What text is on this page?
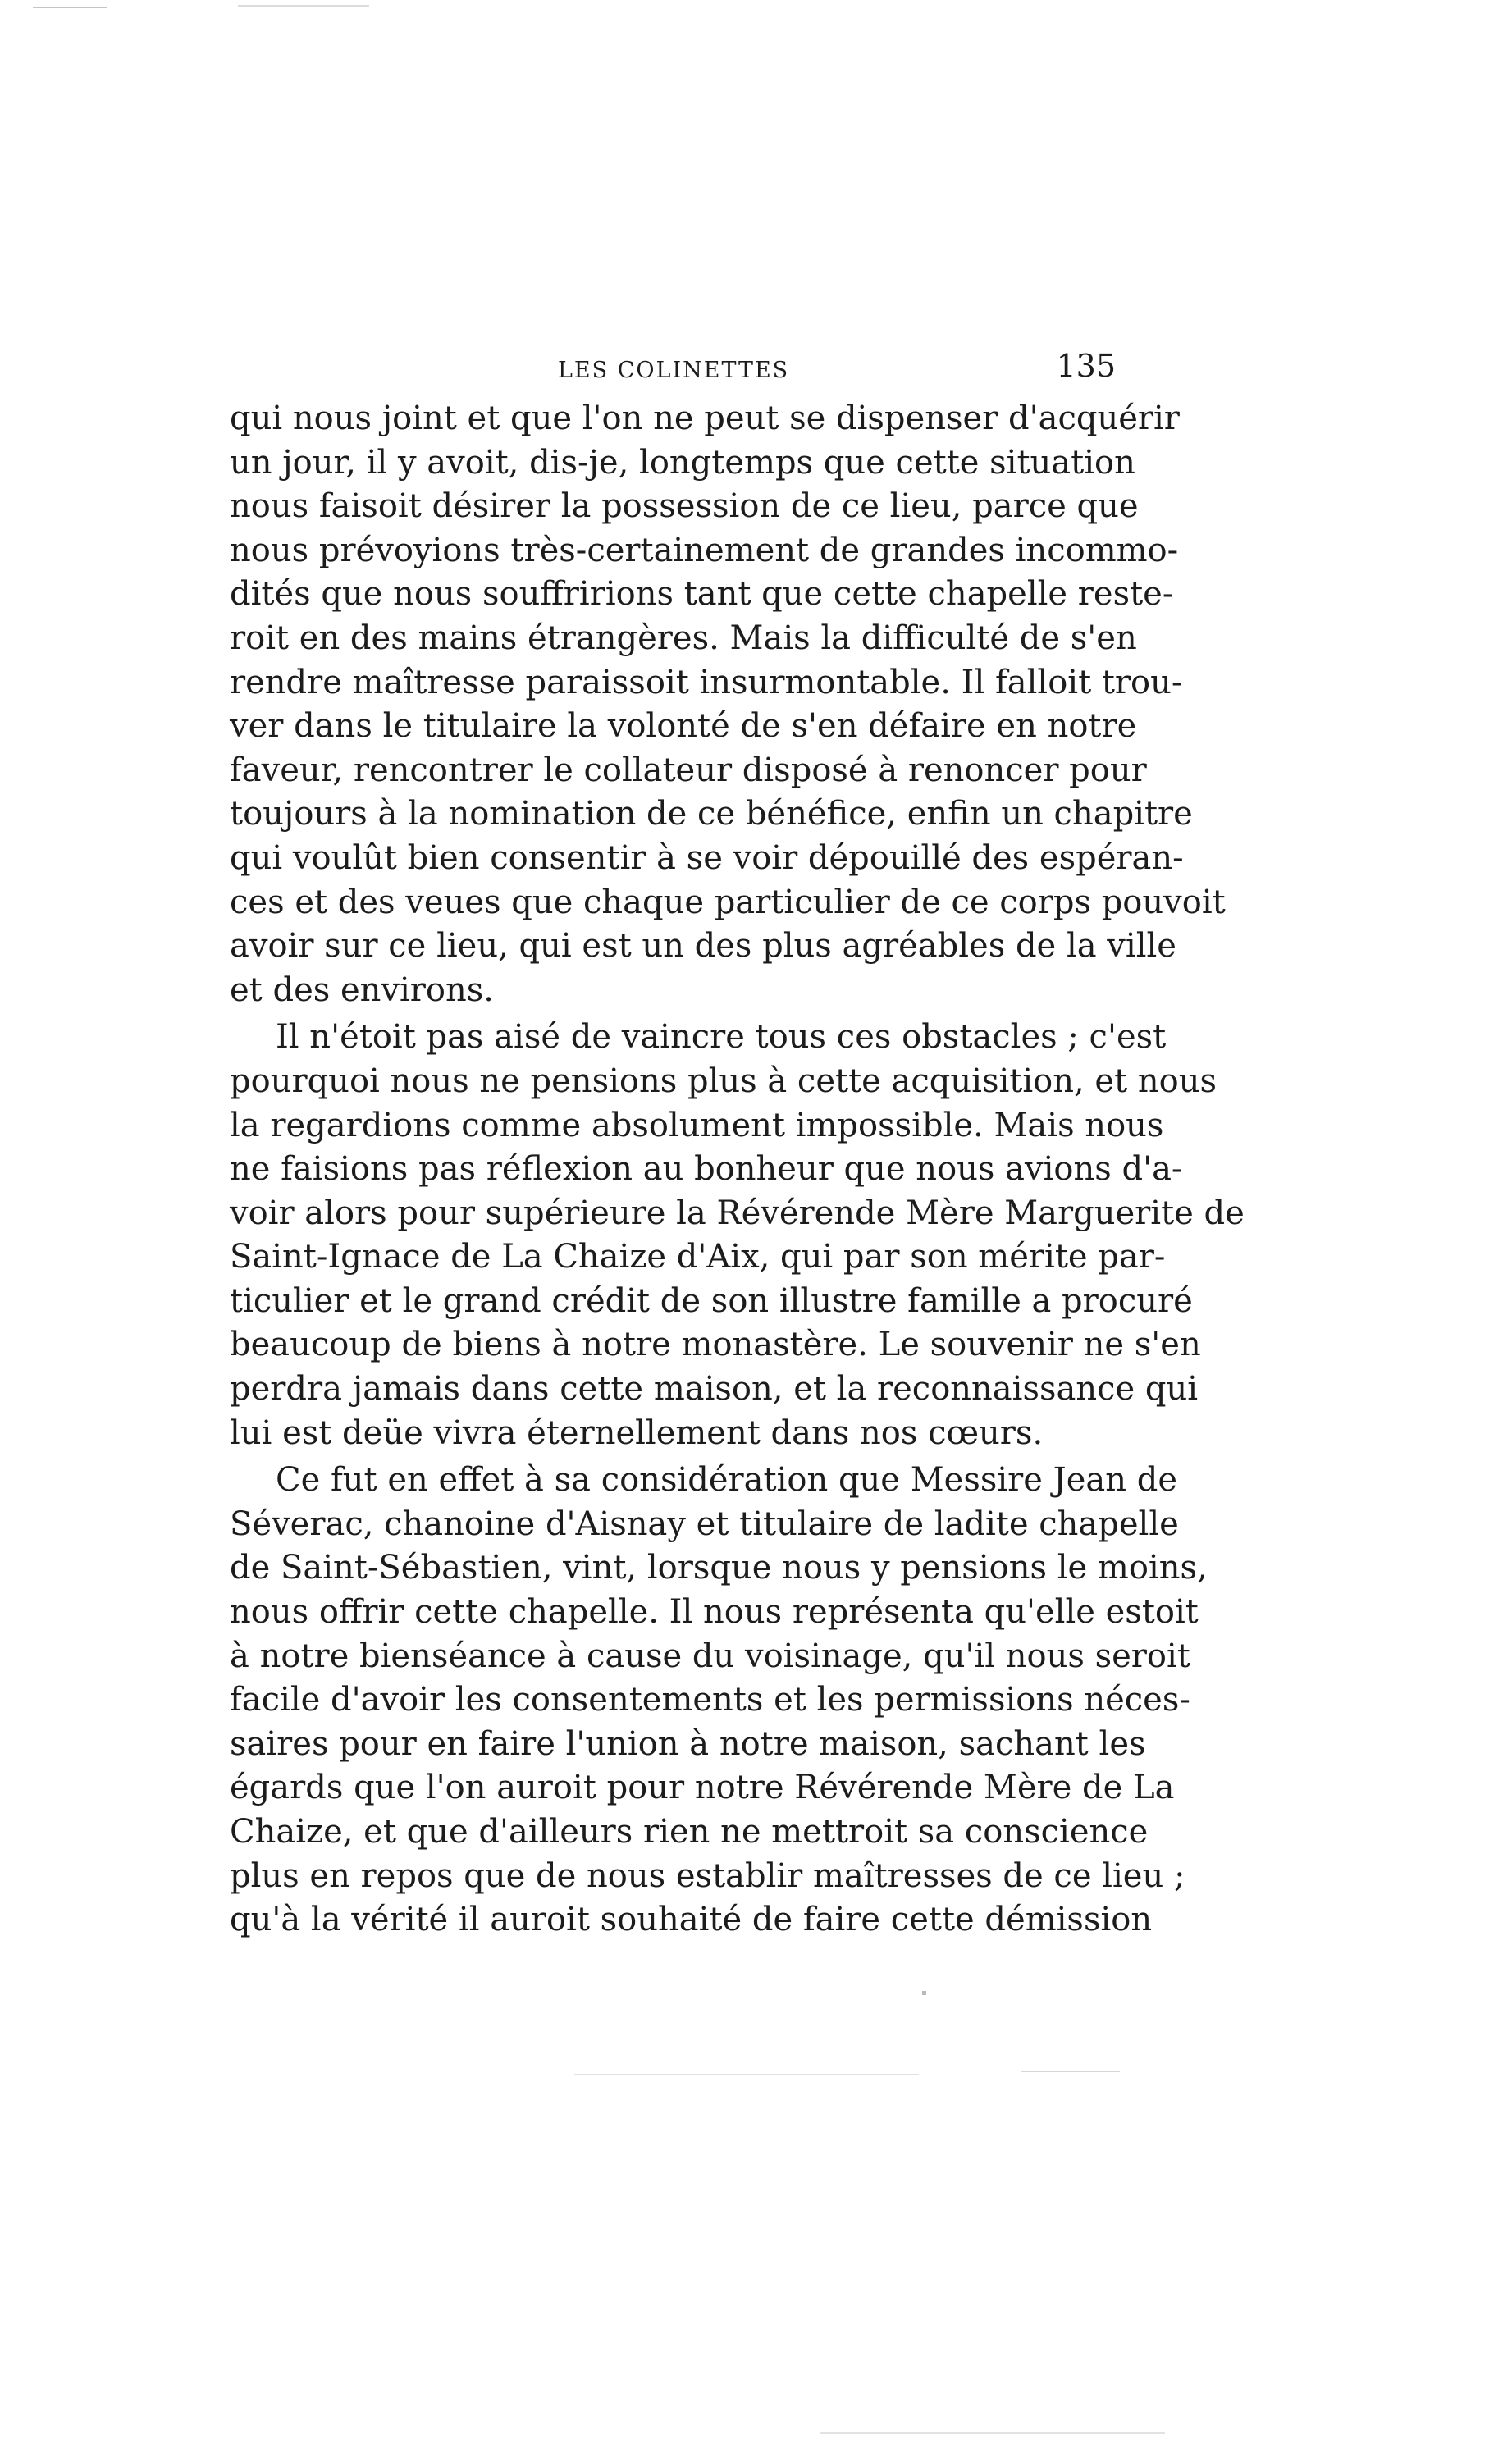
LES COLINETTES	135
qui nous joint et que l'on ne peut se dispenser d'acquérir
un jour, il y avoit, dis-je, longtemps que cette situation
nous faisoit désirer la possession de ce lieu, parce que
nous prévoyions très-certainement de grandes incommo-
dités que nous souffririons tant que cette chapelle reste-
roit en des mains étrangères. Mais la difficulté de s'en
rendre maîtresse paraissoit insurmontable. Il falloit trou-
ver dans le titulaire la volonté de s'en défaire en notre
faveur, rencontrer le collateur disposé à renoncer pour
toujours à la nomination de ce bénéfice, enfin un chapitre
qui voulût bien consentir à se voir dépouillé des espéran-
ces et des veues que chaque particulier de ce corps pouvoit
avoir sur ce lieu, qui est un des plus agréables de la ville
et des environs.
Il n'étoit pas aisé de vaincre tous ces obstacles ; c'est
pourquoi nous ne pensions plus à cette acquisition, et nous
la regardions comme absolument impossible. Mais nous
ne faisions pas réflexion au bonheur que nous avions d'a-
voir alors pour supérieure la Révérende Mère Marguerite de
Saint-Ignace de La Chaize d'Aix, qui par son mérite par-
ticulier et le grand crédit de son illustre famille a procuré
beaucoup de biens à notre monastère. Le souvenir ne s'en
perdra jamais dans cette maison, et la reconnaissance qui
lui est deüe vivra éternellement dans nos cœurs.
Ce fut en effet à sa considération que Messire Jean de
Séverac, chanoine d'Aisnay et titulaire de ladite chapelle
de Saint-Sébastien, vint, lorsque nous y pensions le moins,
nous offrir cette chapelle. Il nous représenta qu'elle estoit
à notre bienséance à cause du voisinage, qu'il nous seroit
facile d'avoir les consentements et les permissions néces-
saires pour en faire l'union à notre maison, sachant les
égards que l'on auroit pour notre Révérende Mère de La
Chaize, et que d'ailleurs rien ne mettroit sa conscience
plus en repos que de nous establir maîtresses de ce lieu ;
qu'à la vérité il auroit souhaité de faire cette démission
